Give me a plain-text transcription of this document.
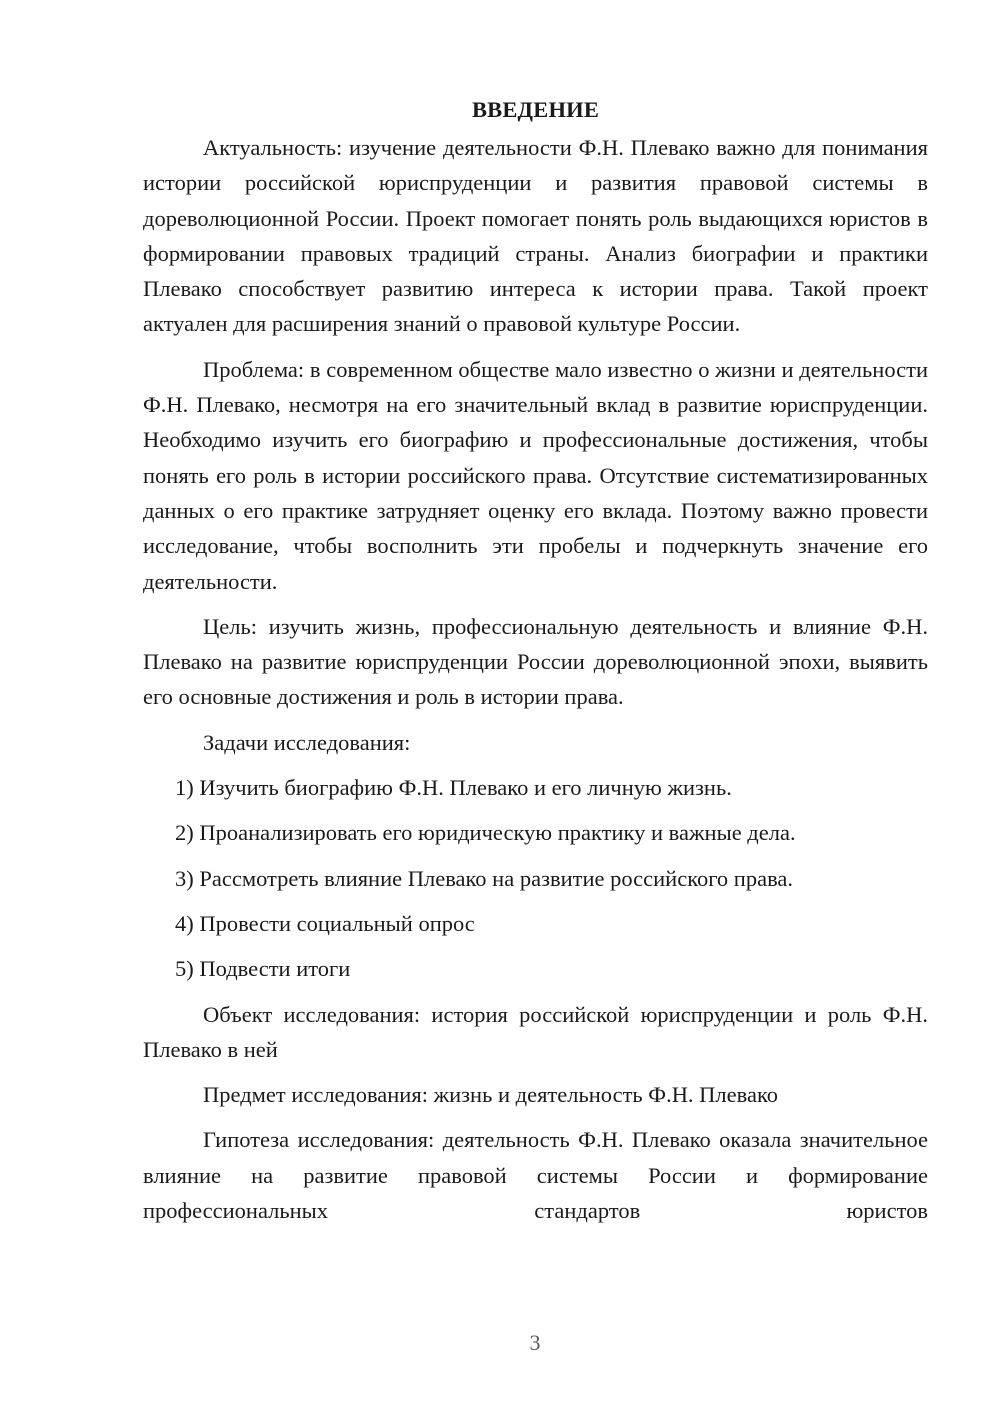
ВВЕДЕНИЕ

Актуальность: изучение деятельности Ф.Н. Плевако важно для понимания истории российской юриспруденции и развития правовой системы в дореволюционной России. Проект помогает понять роль выдающихся юристов в формировании правовых традиций страны. Анализ биографии и практики Плевако способствует развитию интереса к истории права. Такой проект актуален для расширения знаний о правовой культуре России.

Проблема: в современном обществе мало известно о жизни и деятельности Ф.Н. Плевако, несмотря на его значительный вклад в развитие юриспруденции. Необходимо изучить его биографию и профессиональные достижения, чтобы понять его роль в истории российского права. Отсутствие систематизированных данных о его практике затрудняет оценку его вклада. Поэтому важно провести исследование, чтобы восполнить эти пробелы и подчеркнуть значение его деятельности.

Цель: изучить жизнь, профессиональную деятельность и влияние Ф.Н. Плевако на развитие юриспруденции России дореволюционной эпохи, выявить его основные достижения и роль в истории права.

Задачи исследования:

1) Изучить биографию Ф.Н. Плевако и его личную жизнь.

2) Проанализировать его юридическую практику и важные дела.

3) Рассмотреть влияние Плевако на развитие российского права.

4) Провести социальный опрос

5) Подвести итоги

Объект исследования: история российской юриспруденции и роль Ф.Н. Плевако в ней

Предмет исследования: жизнь и деятельность Ф.Н. Плевако

Гипотеза исследования: деятельность Ф.Н. Плевако оказала значительное влияние на развитие правовой системы России и формирование профессиональных стандартов юристов

3
